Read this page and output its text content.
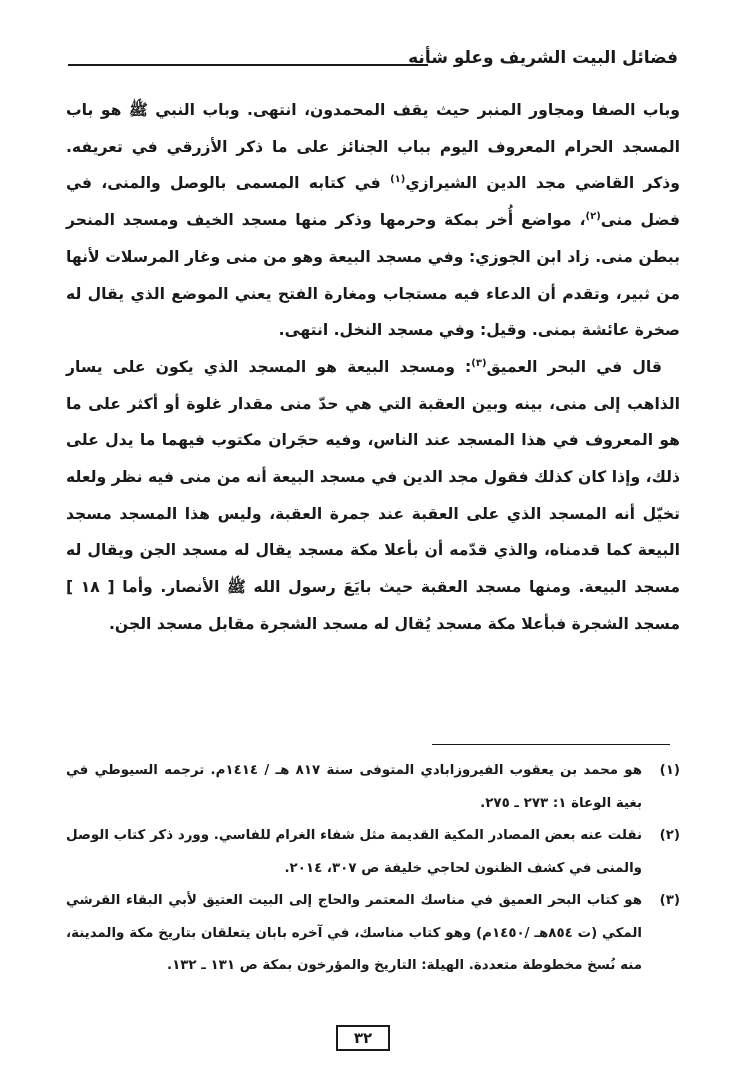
فضائل البيت الشريف وعلو شأنه

وباب الصفا ومجاور المنبر حيث يقف المحمدون، انتهى. وباب النبي ﷺ هو باب المسجد الحرام المعروف اليوم بباب الجنائز على ما ذكر الأزرقي في تعريفه. وذكر القاضي مجد الدين الشيرازي$^{(١)}$ في كتابه المسمى بالوصل والمنى، في فضل منى$^{(٢)}$، مواضع أُخر بمكة وحرمها وذكر منها مسجد الخيف ومسجد المنحر ببطن منى. زاد ابن الجوزي: وفي مسجد البيعة وهو من منى وغار المرسلات لأنها من ثبير، وتقدم أن الدعاء فيه مستجاب ومغارة الفتح يعني الموضع الذي يقال له صخرة عائشة بمنى. وقيل: وفي مسجد النخل. انتهى.

قال في البحر العميق$^{(٣)}$: ومسجد البيعة هو المسجد الذي يكون على يسار الذاهب إلى منى، بينه وبين العقبة التي هي حدّ منى مقدار غلوة أو أكثر على ما هو المعروف في هذا المسجد عند الناس، وفيه حجَران مكتوب فيهما ما يدل على ذلك، وإذا كان كذلك فقول مجد الدين في مسجد البيعة أنه من منى فيه نظر ولعله تخيّل أنه المسجد الذي على العقبة عند جمرة العقبة، وليس هذا المسجد مسجد البيعة كما قدمناه، والذي قدّمه أن بأعلا مكة مسجد يقال له مسجد الجن ويقال له مسجد البيعة. ومنها مسجد العقبة حيث بايَعَ رسول الله ﷺ الأنصار. وأما [ ١٨ ] مسجد الشجرة فبأعلا مكة مسجد يُقال له مسجد الشجرة مقابل مسجد الجن.

(١)
هو محمد بن يعقوب الفيروزابادي المتوفى سنة ٨١٧ هـ / ١٤١٤م. ترجمه السيوطي في بغية الوعاة ١: ٢٧٣ ـ ٢٧٥.
(٢)
نقلت عنه بعض المصادر المكية القديمة مثل شفاء الغرام للفاسي. وورد ذكر كتاب الوصل والمنى في كشف الظنون لحاجي خليفة ص ٣٠٧، ٢٠١٤.
(٣)
هو كتاب البحر العميق في مناسك المعتمر والحاج إلى البيت العتيق لأبي البقاء القرشي المكي (ت ٨٥٤هـ /١٤٥٠م) وهو كتاب مناسك، في آخره بابان يتعلقان بتاريخ مكة والمدينة، منه نُسخ مخطوطة متعددة. الهيلة: التاريخ والمؤرخون بمكة ص ١٣١ ـ ١٣٢.
٣٢
